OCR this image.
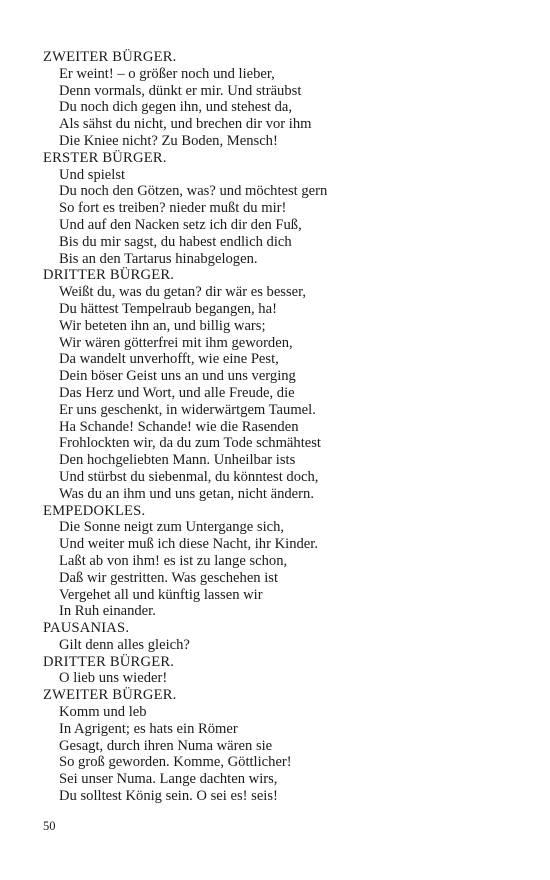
ZWEITER BÜRGER.
Er weint! – o größer noch und lieber,
Denn vormals, dünkt er mir. Und sträubst
Du noch dich gegen ihn, und stehest da,
Als sähst du nicht, und brechen dir vor ihm
Die Kniee nicht? Zu Boden, Mensch!
ERSTER BÜRGER.
Und spielst
Du noch den Götzen, was? und möchtest gern
So fort es treiben? nieder mußt du mir!
Und auf den Nacken setz ich dir den Fuß,
Bis du mir sagst, du habest endlich dich
Bis an den Tartarus hinabgelogen.
DRITTER BÜRGER.
Weißt du, was du getan? dir wär es besser,
Du hättest Tempelraub begangen, ha!
Wir beteten ihn an, und billig wars;
Wir wären götterfrei mit ihm geworden,
Da wandelt unverhofft, wie eine Pest,
Dein böser Geist uns an und uns verging
Das Herz und Wort, und alle Freude, die
Er uns geschenkt, in widerwärtgem Taumel.
Ha Schande! Schande! wie die Rasenden
Frohlockten wir, da du zum Tode schmähtest
Den hochgeliebten Mann. Unheilbar ists
Und stürbst du siebenmal, du könntest doch,
Was du an ihm und uns getan, nicht ändern.
EMPEDOKLES.
Die Sonne neigt zum Untergange sich,
Und weiter muß ich diese Nacht, ihr Kinder.
Laßt ab von ihm! es ist zu lange schon,
Daß wir gestritten. Was geschehen ist
Vergehet all und künftig lassen wir
In Ruh einander.
PAUSANIAS.
Gilt denn alles gleich?
DRITTER BÜRGER.
O lieb uns wieder!
ZWEITER BÜRGER.
Komm und leb
In Agrigent; es hats ein Römer
Gesagt, durch ihren Numa wären sie
So groß geworden. Komme, Göttlicher!
Sei unser Numa. Lange dachten wirs,
Du solltest König sein. O sei es! seis!
50
